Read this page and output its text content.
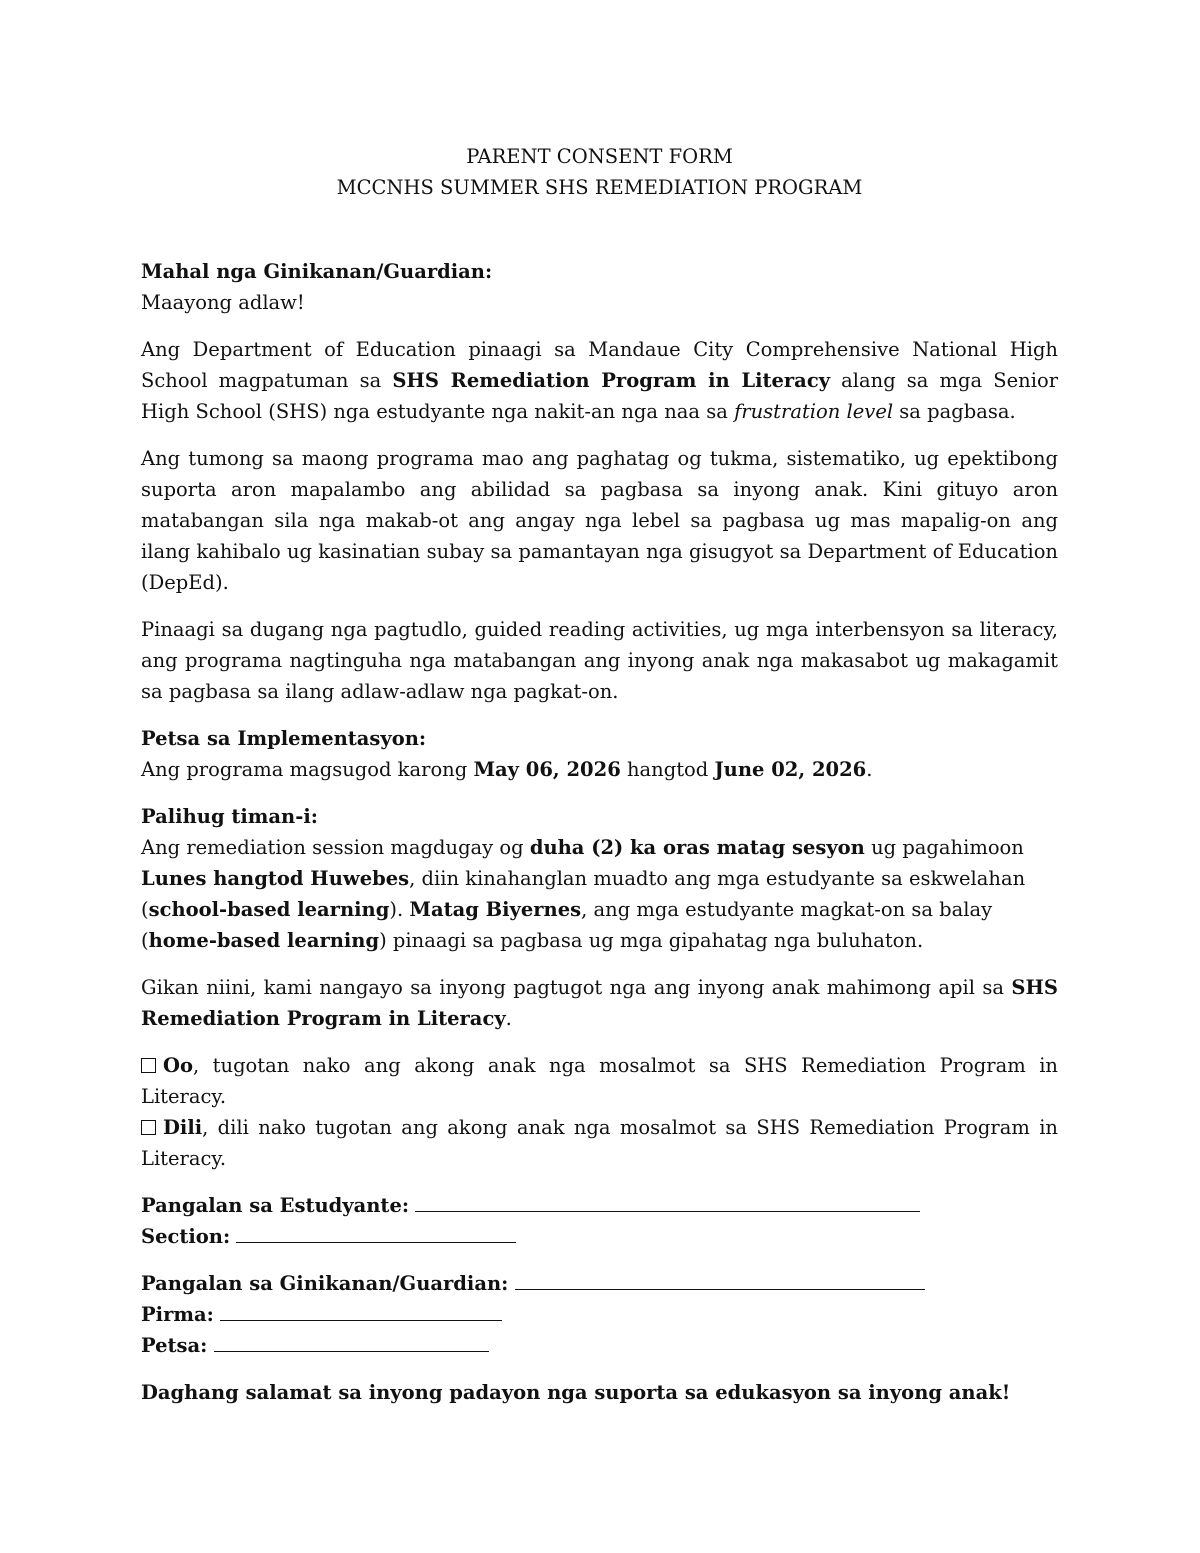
PARENT CONSENT FORM
MCCNHS SUMMER SHS REMEDIATION PROGRAM
Mahal nga Ginikanan/Guardian:
Maayong adlaw!
Ang Department of Education pinaagi sa Mandaue City Comprehensive National High School magpatuman sa SHS Remediation Program in Literacy alang sa mga Senior High School (SHS) nga estudyante nga nakit-an nga naa sa frustration level sa pagbasa.
Ang tumong sa maong programa mao ang paghatag og tukma, sistematiko, ug epektibong suporta aron mapalambo ang abilidad sa pagbasa sa inyong anak. Kini gituyo aron matabangan sila nga makab-ot ang angay nga lebel sa pagbasa ug mas mapalig-on ang ilang kahibalo ug kasinatian subay sa pamantayan nga gisugyot sa Department of Education (DepEd).
Pinaagi sa dugang nga pagtudlo, guided reading activities, ug mga interbensyon sa literacy, ang programa nagtinguha nga matabangan ang inyong anak nga makasabot ug makagamit sa pagbasa sa ilang adlaw-adlaw nga pagkat-on.
Petsa sa Implementasyon:
Ang programa magsugod karong May 06, 2026 hangtod June 02, 2026.
Palihug timan-i:
Ang remediation session magdugay og duha (2) ka oras matag sesyon ug pagahimoon Lunes hangtod Huwebes, diin kinahanglan muadto ang mga estudyante sa eskwelahan (school-based learning). Matag Biyernes, ang mga estudyante magkat-on sa balay (home-based learning) pinaagi sa pagbasa ug mga gipahatag nga buluhaton.
Gikan niini, kami nangayo sa inyong pagtugot nga ang inyong anak mahimong apil sa SHS Remediation Program in Literacy.
Oo, tugotan nako ang akong anak nga mosalmot sa SHS Remediation Program in Literacy.
Dili, dili nako tugotan ang akong anak nga mosalmot sa SHS Remediation Program in Literacy.
Pangalan sa Estudyante:
Section:
Pangalan sa Ginikanan/Guardian:
Pirma:
Petsa:
Daghang salamat sa inyong padayon nga suporta sa edukasyon sa inyong anak!
